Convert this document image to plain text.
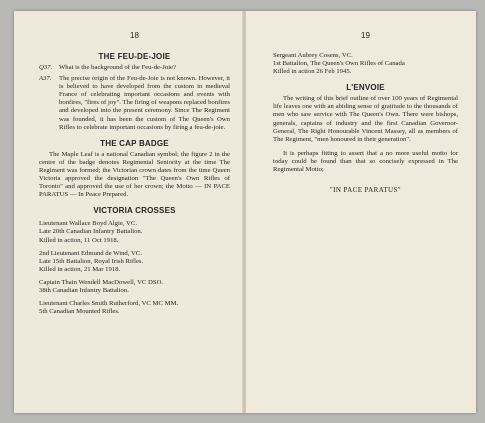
18
THE FEU-DE-JOIE
Q37.	What is the background of the Feu-de-Joie?

A37.	The precise origin of the Feu-de-Joie is not known. However, it is believed to have developed from the custom in medieval France of celebrating important occasions and events with bonfires, "fires of joy". The firing of weapons replaced bonfires and developed into the present ceremony. Since The Regiment was founded, it has been the custom of The Queen's Own Rifles to celebrate important occasions by firing a feu-de-joie.

THE CAP BADGE

The Maple Leaf is a national Canadian symbol; the figure 2 in the centre of the badge denotes Regimental Seniority at the time The Regiment was formed; the Victorian crown dates from the time Queen Victoria approved the designation "The Queen's Own Rifles of Toronto" and approved the use of her crown; the Motto — IN PACE PARATUS — In Peace Prepared.

VICTORIA CROSSES
Lieutenant Wallace Boyd Algie, VC.
Late 20th Canadian Infantry Battalion.
Killed in action, 11 Oct 1918.
2nd Lieutenant Edmund de Wind, VC.
Late 15th Battalion, Royal Irish Rifles.
Killed in action, 21 Mar 1918.
Captain Thain Wendell MacDowell, VC DSO.
38th Canadian Infantry Battalion.
Lieutenant Charles Smith Rutherford, VC MC MM.
5th Canadian Mounted Rifles.
19
Sergeant Aubrey Cosens, VC.
1st Battalion, The Queen's Own Rifles of Canada
Killed in action 26 Feb 1945.
L'ENVOIE

The writing of this brief outline of over 100 years of Regimental life leaves one with an abiding sense of gratitude to the thousands of men who saw service with The Queen's Own. There were bishops, generals, captains of industry and the first Canadian Governor-General, The Right Honourable Vincent Massey, all as members of The Regiment, "men honoured in their generation".

It is perhaps fitting to assert that a no more useful motto for today could be found than that so concisely expressed in The Regimental Motto;

"IN PACE PARATUS"
